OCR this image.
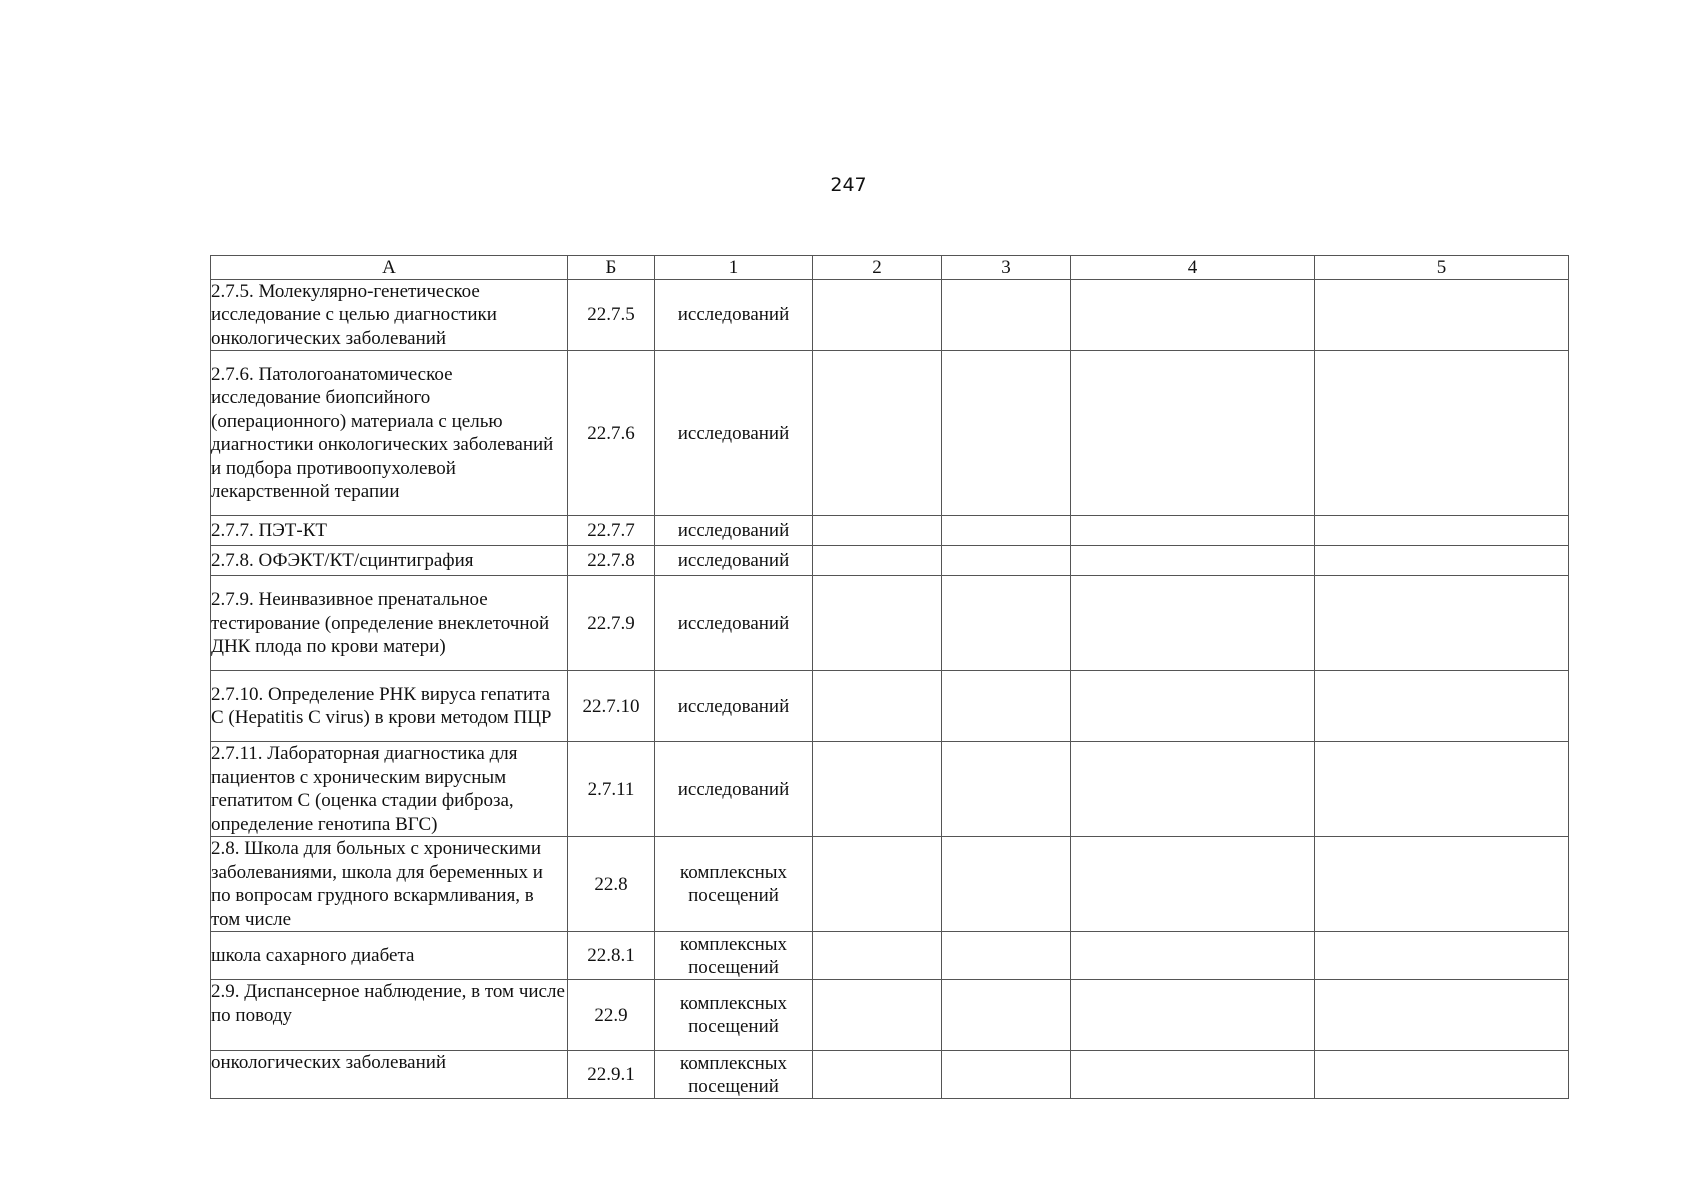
247
А	Б	1	2	3	4	5
2.7.5. Молекулярно-генетическое исследование с целью диагностики онкологических заболеваний	22.7.5	исследований				
2.7.6. Патологоанатомическое исследование биопсийного (операционного) материала с целью диагностики онкологических заболеваний и подбора противоопухолевой лекарственной терапии	22.7.6	исследований				
2.7.7. ПЭТ-КТ	22.7.7	исследований				
2.7.8. ОФЭКТ/КТ/сцинтиграфия	22.7.8	исследований				
2.7.9. Неинвазивное пренатальное тестирование (определение внеклеточной ДНК плода по крови матери)	22.7.9	исследований				
2.7.10. Определение РНК вируса гепатита C (Hepatitis C virus) в крови методом ПЦР	22.7.10	исследований				
2.7.11. Лабораторная диагностика для пациентов с хроническим вирусным гепатитом C (оценка стадии фиброза, определение генотипа ВГС)	2.7.11	исследований				
2.8. Школа для больных с хроническими заболеваниями, школа для беременных и по вопросам грудного вскармливания, в том числе	22.8	комплексных посещений				
школа сахарного диабета	22.8.1	комплексных посещений				
2.9. Диспансерное наблюдение, в том числе по поводу	22.9	комплексных посещений				
онкологических заболеваний	22.9.1	комплексных посещений				
